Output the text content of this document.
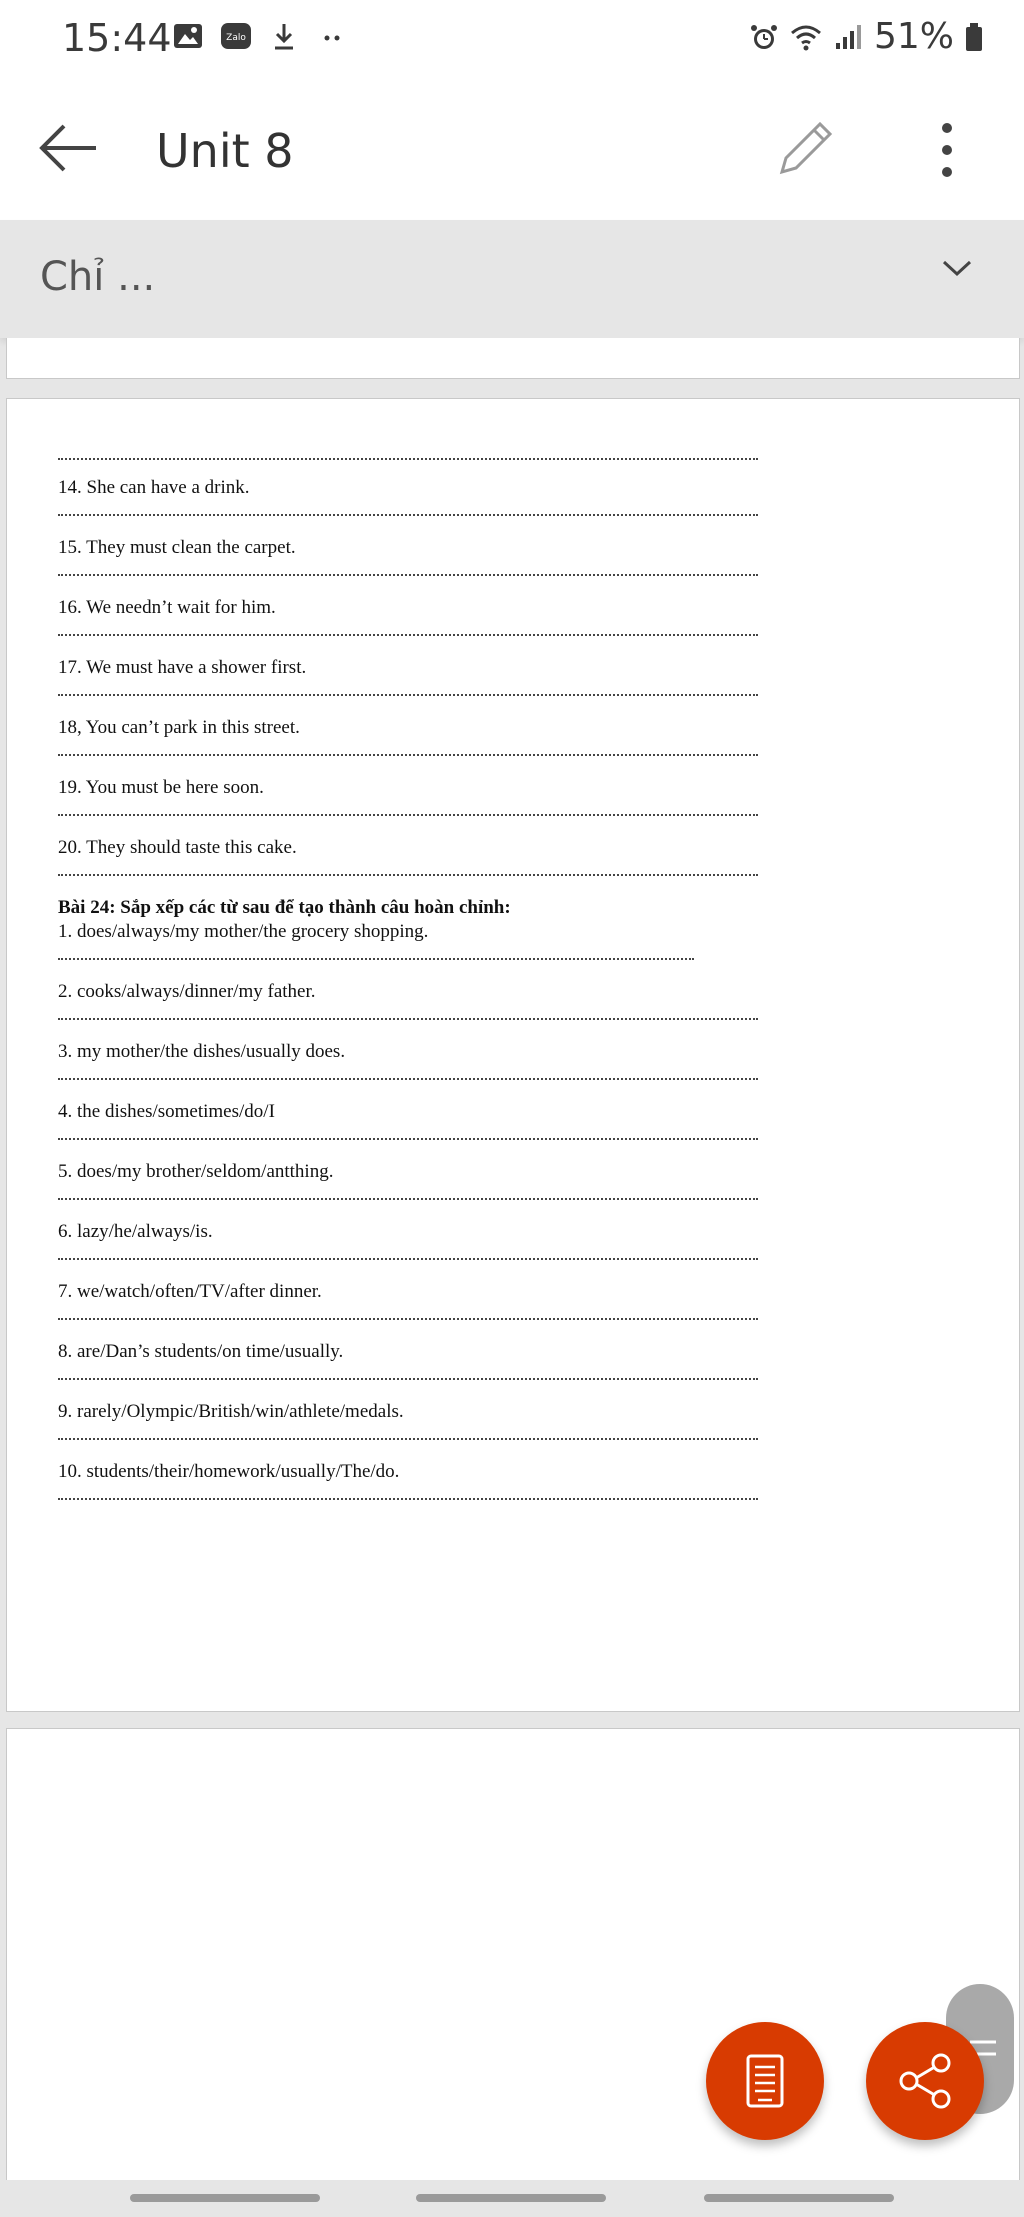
15:44	Zalo	51%
Unit 8
Chỉ ...
14. She can have a drink.
15. They must clean the carpet.
16. We needn’t wait for him.
17. We must have a shower first.
18, You can’t park in this street.
19. You must be here soon.
20. They should taste this cake.
Bài 24: Sắp xếp các từ sau để tạo thành câu hoàn chỉnh:
1. does/always/my mother/the grocery shopping.
2. cooks/always/dinner/my father.
3. my mother/the dishes/usually does.
4. the dishes/sometimes/do/I
5. does/my brother/seldom/antthing.
6. lazy/he/always/is.
7. we/watch/often/TV/after dinner.
8. are/Dan’s students/on time/usually.
9. rarely/Olympic/British/win/athlete/medals.
10. students/their/homework/usually/The/do.
